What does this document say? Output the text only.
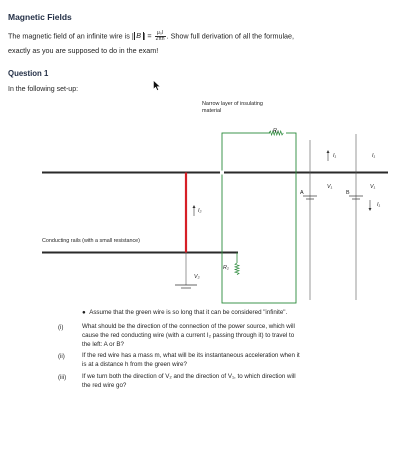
Magnetic Fields
The magnetic field of an infinite wire is | B | = $\frac{\text{μ₀I}}{2\pi h}$ . Show full derivation of all the formulae,
exactly as you are supposed to do in the exam!
Question 1
In the following set-up:
Narrow layer of insulating
material
Conducting rails (with a small resistance)
R₁
R₂
V₂
V₁	V₁
I₂
I₁	I₁
I₁
A	B
●  Assume that the green wire is so long that it can be considered "infinite".
(i)	What should be the direction of the connection of the power source, which will
cause the red conducting wire (with a current I₂ passing through it) to travel to
the left: A or B?
(ii)	If the red wire has a mass m, what will be its instantaneous acceleration when it
is at a distance h from the green wire?
(iii)	If we turn both the direction of V₂ and the direction of V₁, to which direction will
the red wire go?
